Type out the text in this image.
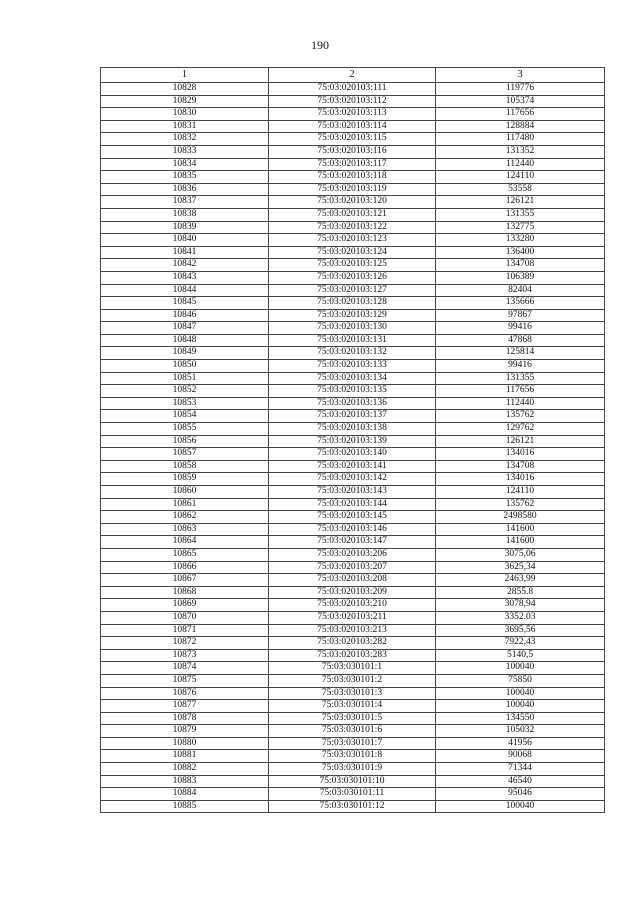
190
1	2	3
10828	75:03:020103:111	119776
10829	75:03:020103:112	105374
10830	75:03:020103:113	117656
10831	75:03:020103:114	128884
10832	75:03:020103:115	117480
10833	75:03:020103:116	131352
10834	75:03:020103:117	112440
10835	75:03:020103:118	124110
10836	75:03:020103:119	53558
10837	75:03:020103:120	126121
10838	75:03:020103:121	131355
10839	75:03:020103:122	132775
10840	75:03:020103:123	133280
10841	75:03:020103:124	136400
10842	75:03:020103:125	134708
10843	75:03:020103:126	106389
10844	75:03:020103:127	82404
10845	75:03:020103:128	135666
10846	75:03:020103:129	97867
10847	75:03:020103:130	99416
10848	75:03:020103:131	47868
10849	75:03:020103:132	125814
10850	75:03:020103:133	99416
10851	75:03:020103:134	131355
10852	75:03:020103:135	117656
10853	75:03:020103:136	112440
10854	75:03:020103:137	135762
10855	75:03:020103:138	129762
10856	75:03:020103:139	126121
10857	75:03:020103:140	134016
10858	75:03:020103:141	134708
10859	75:03:020103:142	134016
10860	75:03:020103:143	124110
10861	75:03:020103:144	135762
10862	75:03:020103:145	2498580
10863	75:03:020103:146	141600
10864	75:03:020103:147	141600
10865	75:03:020103:206	3075,06
10866	75:03:020103:207	3625,34
10867	75:03:020103:208	2463,99
10868	75:03:020103:209	2855.8
10869	75:03:020103:210	3078,94
10870	75:03:020103:211	3352.03
10871	75:03:020103:213	3695,56
10872	75:03:020103:282	7922,43
10873	75:03:020103:283	5140,5
10874	75:03:030101:1	100040
10875	75:03:030101:2	75850
10876	75:03:030101:3	100040
10877	75:03:030101:4	100040
10878	75:03:030101:5	134550
10879	75:03:030101:6	105032
10880	75:03:030101:7	41956
10881	75:03:030101:8	90068
10882	75:03:030101:9	71344
10883	75:03:030101:10	46540
10884	75:03:030101:11	95046
10885	75:03:030101:12	100040
